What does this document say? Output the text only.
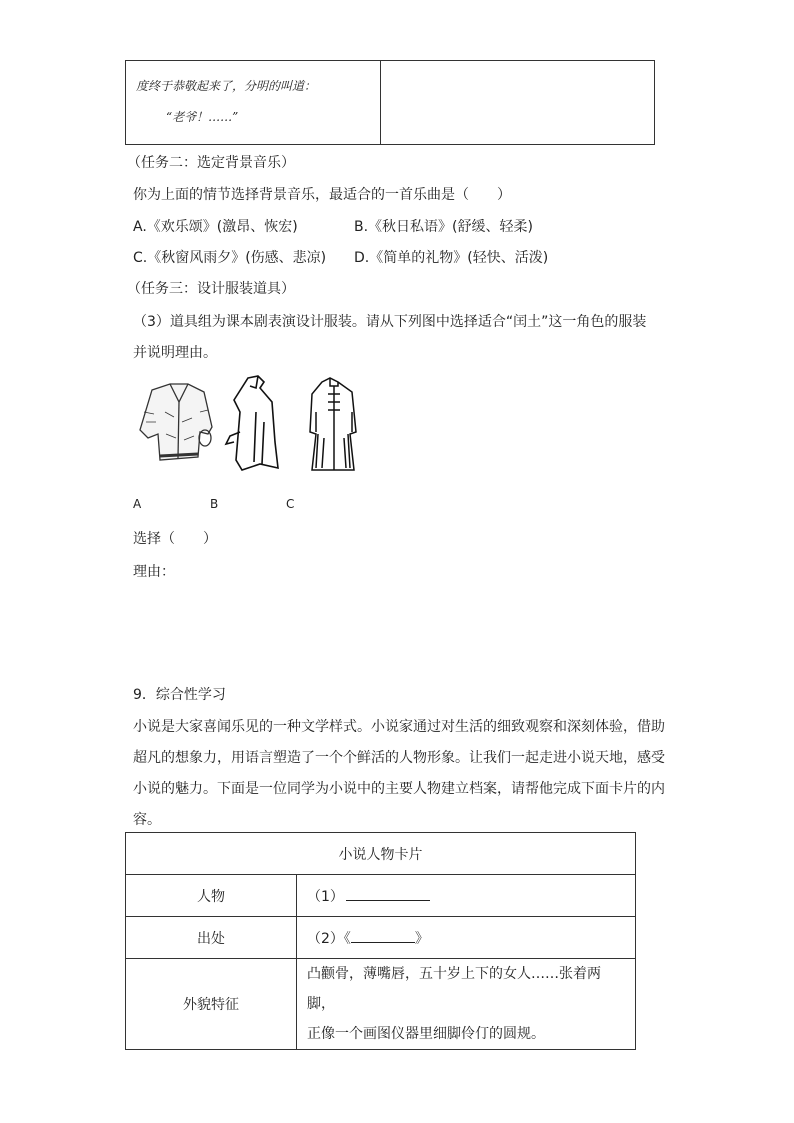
度终于恭敬起来了，分明的叫道：
“老爷！……”
（任务二：选定背景音乐）
你为上面的情节选择背景音乐，最适合的一首乐曲是（　　）
A.《欢乐颂》(激昂、恢宏)	B.《秋日私语》(舒缓、轻柔)
C.《秋窗风雨夕》(伤感、悲凉) D.《简单的礼物》(轻快、活泼)
（任务三：设计服装道具）
（3）道具组为课本剧表演设计服装。请从下列图中选择适合“闰土”这一角色的服装
并说明理由。
A	B	C
选择（　　）
理由：
9．综合性学习
小说是大家喜闻乐见的一种文学样式。小说家通过对生活的细致观察和深刻体验，借助
超凡的想象力，用语言塑造了一个个鲜活的人物形象。让我们一起走进小说天地，感受
小说的魅力。下面是一位同学为小说中的主要人物建立档案，请帮他完成下面卡片的内
容。
小说人物卡片	
人物	（1）
出处	（2）《 》
外貌特征	凸颧骨，薄嘴唇，五十岁上下的女人……张着两脚，
正像一个画图仪器里细脚伶仃的圆规。
